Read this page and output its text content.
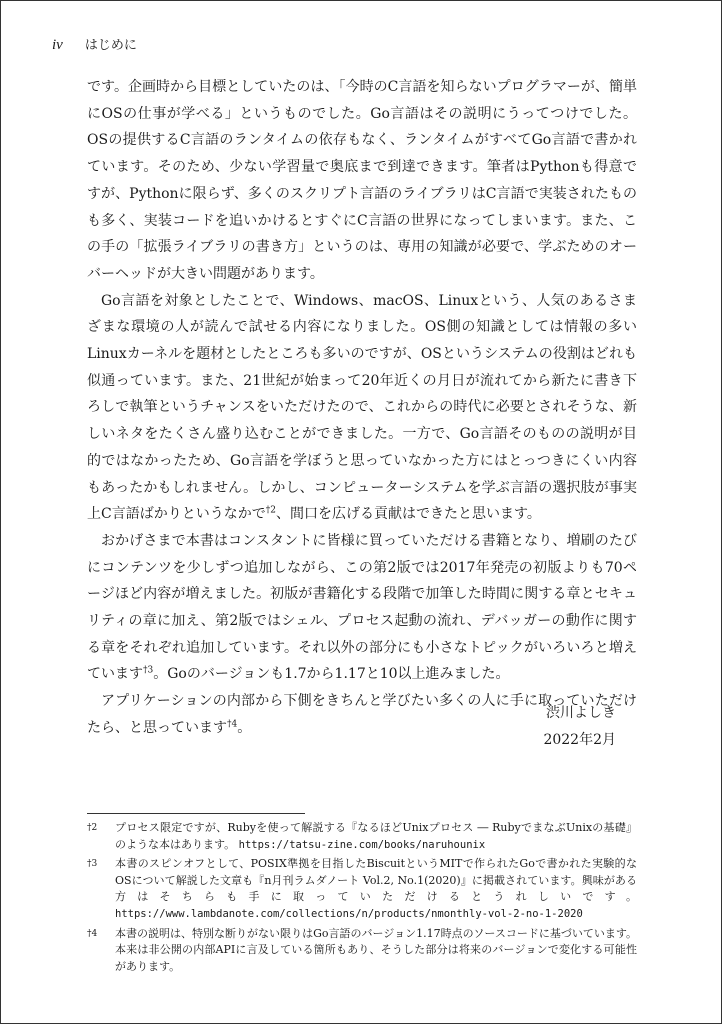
iv はじめに

です。企画時から目標としていたのは、「今時のC言語を知らないプログラマーが、簡単にOSの仕事が学べる」というものでした。Go言語はその説明にうってつけでした。OSの提供するC言語のランタイムの依存もなく、ランタイムがすべてGo言語で書かれています。そのため、少ない学習量で奥底まで到達できます。筆者はPythonも得意ですが、Pythonに限らず、多くのスクリプト言語のライブラリはC言語で実装されたものも多く、実装コードを追いかけるとすぐにC言語の世界になってしまいます。また、この手の「拡張ライブラリの書き方」というのは、専用の知識が必要で、学ぶためのオーバーヘッドが大きい問題があります。

Go言語を対象としたことで、Windows、macOS、Linuxという、人気のあるさまざまな環境の人が読んで試せる内容になりました。OS側の知識としては情報の多いLinuxカーネルを題材としたところも多いのですが、OSというシステムの役割はどれも似通っています。また、21世紀が始まって20年近くの月日が流れてから新たに書き下ろしで執筆というチャンスをいただけたので、これからの時代に必要とされそうな、新しいネタをたくさん盛り込むことができました。一方で、Go言語そのものの説明が目的ではなかったため、Go言語を学ぼうと思っていなかった方にはとっつきにくい内容もあったかもしれません。しかし、コンピューターシステムを学ぶ言語の選択肢が事実上C言語ばかりというなかで$^{\dagger 2}$、間口を広げる貢献はできたと思います。

おかげさまで本書はコンスタントに皆様に買っていただける書籍となり、増刷のたびにコンテンツを少しずつ追加しながら、この第2版では2017年発売の初版よりも70ページほど内容が増えました。初版が書籍化する段階で加筆した時間に関する章とセキュリティの章に加え、第2版ではシェル、プロセス起動の流れ、デバッガーの動作に関する章をそれぞれ追加しています。それ以外の部分にも小さなトピックがいろいろと増えています$^{\dagger 3}$。Goのバージョンも1.7から1.17と10以上進みました。

アプリケーションの内部から下側をきちんと学びたい多くの人に手に取っていただけたら、と思っています$^{\dagger 4}$。

渋川よしき
2022年2月
†2	プロセス限定ですが、Rubyを使って解説する『なるほどUnixプロセス ― RubyでまなぶUnixの基礎』のような本はあります。 https://tatsu-zine.com/books/naruhounix
†3	本書のスピンオフとして、POSIX準拠を目指したBiscuitというMITで作られたGoで書かれた実験的なOSについて解説した文章も『n月刊ラムダノート Vol.2, No.1(2020)』に掲載されています。興味がある方はそちらも手に取っていただけるとうれしいです。 https://www.lambdanote.com/collections/n/products/nmonthly-vol-2-no-1-2020
†4	本書の説明は、特別な断りがない限りはGo言語のバージョン1.17時点のソースコードに基づいています。本来は非公開の内部APIに言及している箇所もあり、そうした部分は将来のバージョンで変化する可能性があります。
